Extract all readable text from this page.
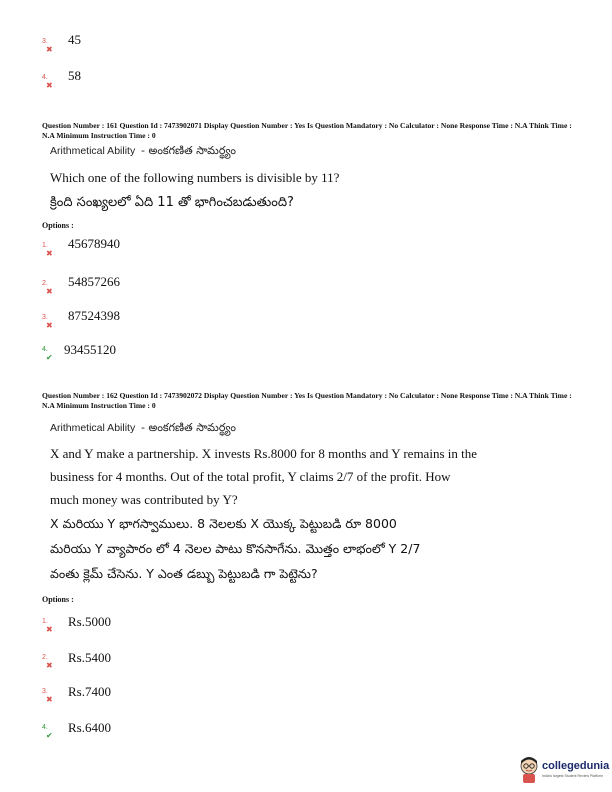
3.✖
45
4.✖
58
Question Number : 161 Question Id : 7473902071 Display Question Number : Yes Is Question Mandatory : No Calculator : None Response Time : N.A Think Time : N.A Minimum Instruction Time : 0
Arithmetical Ability - అంకగణిత సామర్థ్యం
Which one of the following numbers is divisible by 11?
క్రింది సంఖ్యలలో ఏది 11 తో భాగించబడుతుంది?
Options :
1.✖
45678940
2.✖
54857266
3.✖
87524398
4.✔
93455120
Question Number : 162 Question Id : 7473902072 Display Question Number : Yes Is Question Mandatory : No Calculator : None Response Time : N.A Think Time : N.A Minimum Instruction Time : 0
Arithmetical Ability - అంకగణిత సామర్థ్యం
X and Y make a partnership. X invests Rs.8000 for 8 months and Y remains in the
business for 4 months. Out of the total profit, Y claims 2/7 of the profit. How
much money was contributed by Y?
X మరియు Y భాగస్వాములు. 8 నెలలకు X యొక్క పెట్టుబడి రూ 8000
మరియు Y వ్యాపారం లో 4 నెలల పాటు కొనసాగేను. మొత్తం లాభంలో Y 2/7
వంతు క్లెమ్ చేసెను. Y ఎంత డబ్బు పెట్టుబడి గా పెట్టెను?
Options :
1.✖
Rs.5000
2.✖
Rs.5400
3.✖
Rs.7400
4.✔
Rs.6400
collegedunia
India's largest Student Review Platform
